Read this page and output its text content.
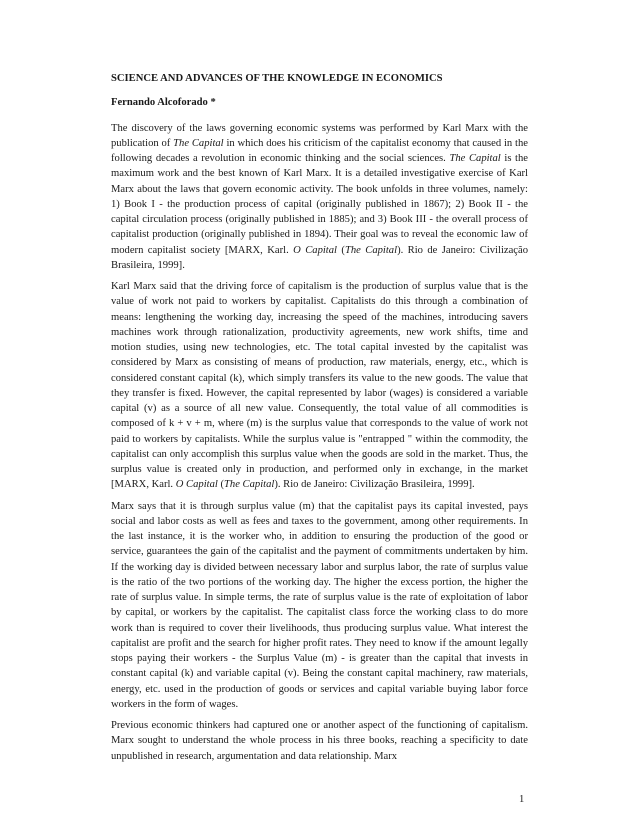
SCIENCE AND ADVANCES OF THE KNOWLEDGE IN ECONOMICS
Fernando Alcoforado *

The discovery of the laws governing economic systems was performed by Karl Marx with the publication of The Capital in which does his criticism of the capitalist economy that caused in the following decades a revolution in economic thinking and the social sciences. The Capital is the maximum work and the best known of Karl Marx. It is a detailed investigative exercise of Karl Marx about the laws that govern economic activity. The book unfolds in three volumes, namely: 1) Book I - the production process of capital (originally published in 1867); 2) Book II - the capital circulation process (originally published in 1885); and 3) Book III - the overall process of capitalist production (originally published in 1894). Their goal was to reveal the economic law of modern capitalist society [MARX, Karl. O Capital (The Capital). Rio de Janeiro: Civilização Brasileira, 1999].

Karl Marx said that the driving force of capitalism is the production of surplus value that is the value of work not paid to workers by capitalist. Capitalists do this through a combination of means: lengthening the working day, increasing the speed of the machines, introducing savers machines work through rationalization, productivity agreements, new work shifts, time and motion studies, using new technologies, etc. The total capital invested by the capitalist was considered by Marx as consisting of means of production, raw materials, energy, etc., which is considered constant capital (k), which simply transfers its value to the new goods. The value that they transfer is fixed. However, the capital represented by labor (wages) is considered a variable capital (v) as a source of all new value. Consequently, the total value of all commodities is composed of k + v + m, where (m) is the surplus value that corresponds to the value of work not paid to workers by capitalists. While the surplus value is "entrapped " within the commodity, the capitalist can only accomplish this surplus value when the goods are sold in the market. Thus, the surplus value is created only in production, and performed only in exchange, in the market [MARX, Karl. O Capital (The Capital). Rio de Janeiro: Civilização Brasileira, 1999].

Marx says that it is through surplus value (m) that the capitalist pays its capital invested, pays social and labor costs as well as fees and taxes to the government, among other requirements. In the last instance, it is the worker who, in addition to ensuring the production of the good or service, guarantees the gain of the capitalist and the payment of commitments undertaken by him. If the working day is divided between necessary labor and surplus labor, the rate of surplus value is the ratio of the two portions of the working day. The higher the excess portion, the higher the rate of surplus value. In simple terms, the rate of surplus value is the rate of exploitation of labor by capital, or workers by the capitalist. The capitalist class force the working class to do more work than is required to cover their livelihoods, thus producing surplus value. What interest the capitalist are profit and the search for higher profit rates. They need to know if the amount legally stops paying their workers - the Surplus Value (m) - is greater than the capital that invests in constant capital (k) and variable capital (v). Being the constant capital machinery, raw materials, energy, etc. used in the production of goods or services and capital variable buying labor force workers in the form of wages.

Previous economic thinkers had captured one or another aspect of the functioning of capitalism. Marx sought to understand the whole process in his three books, reaching a specificity to date unpublished in research, argumentation and data relationship. Marx

1
